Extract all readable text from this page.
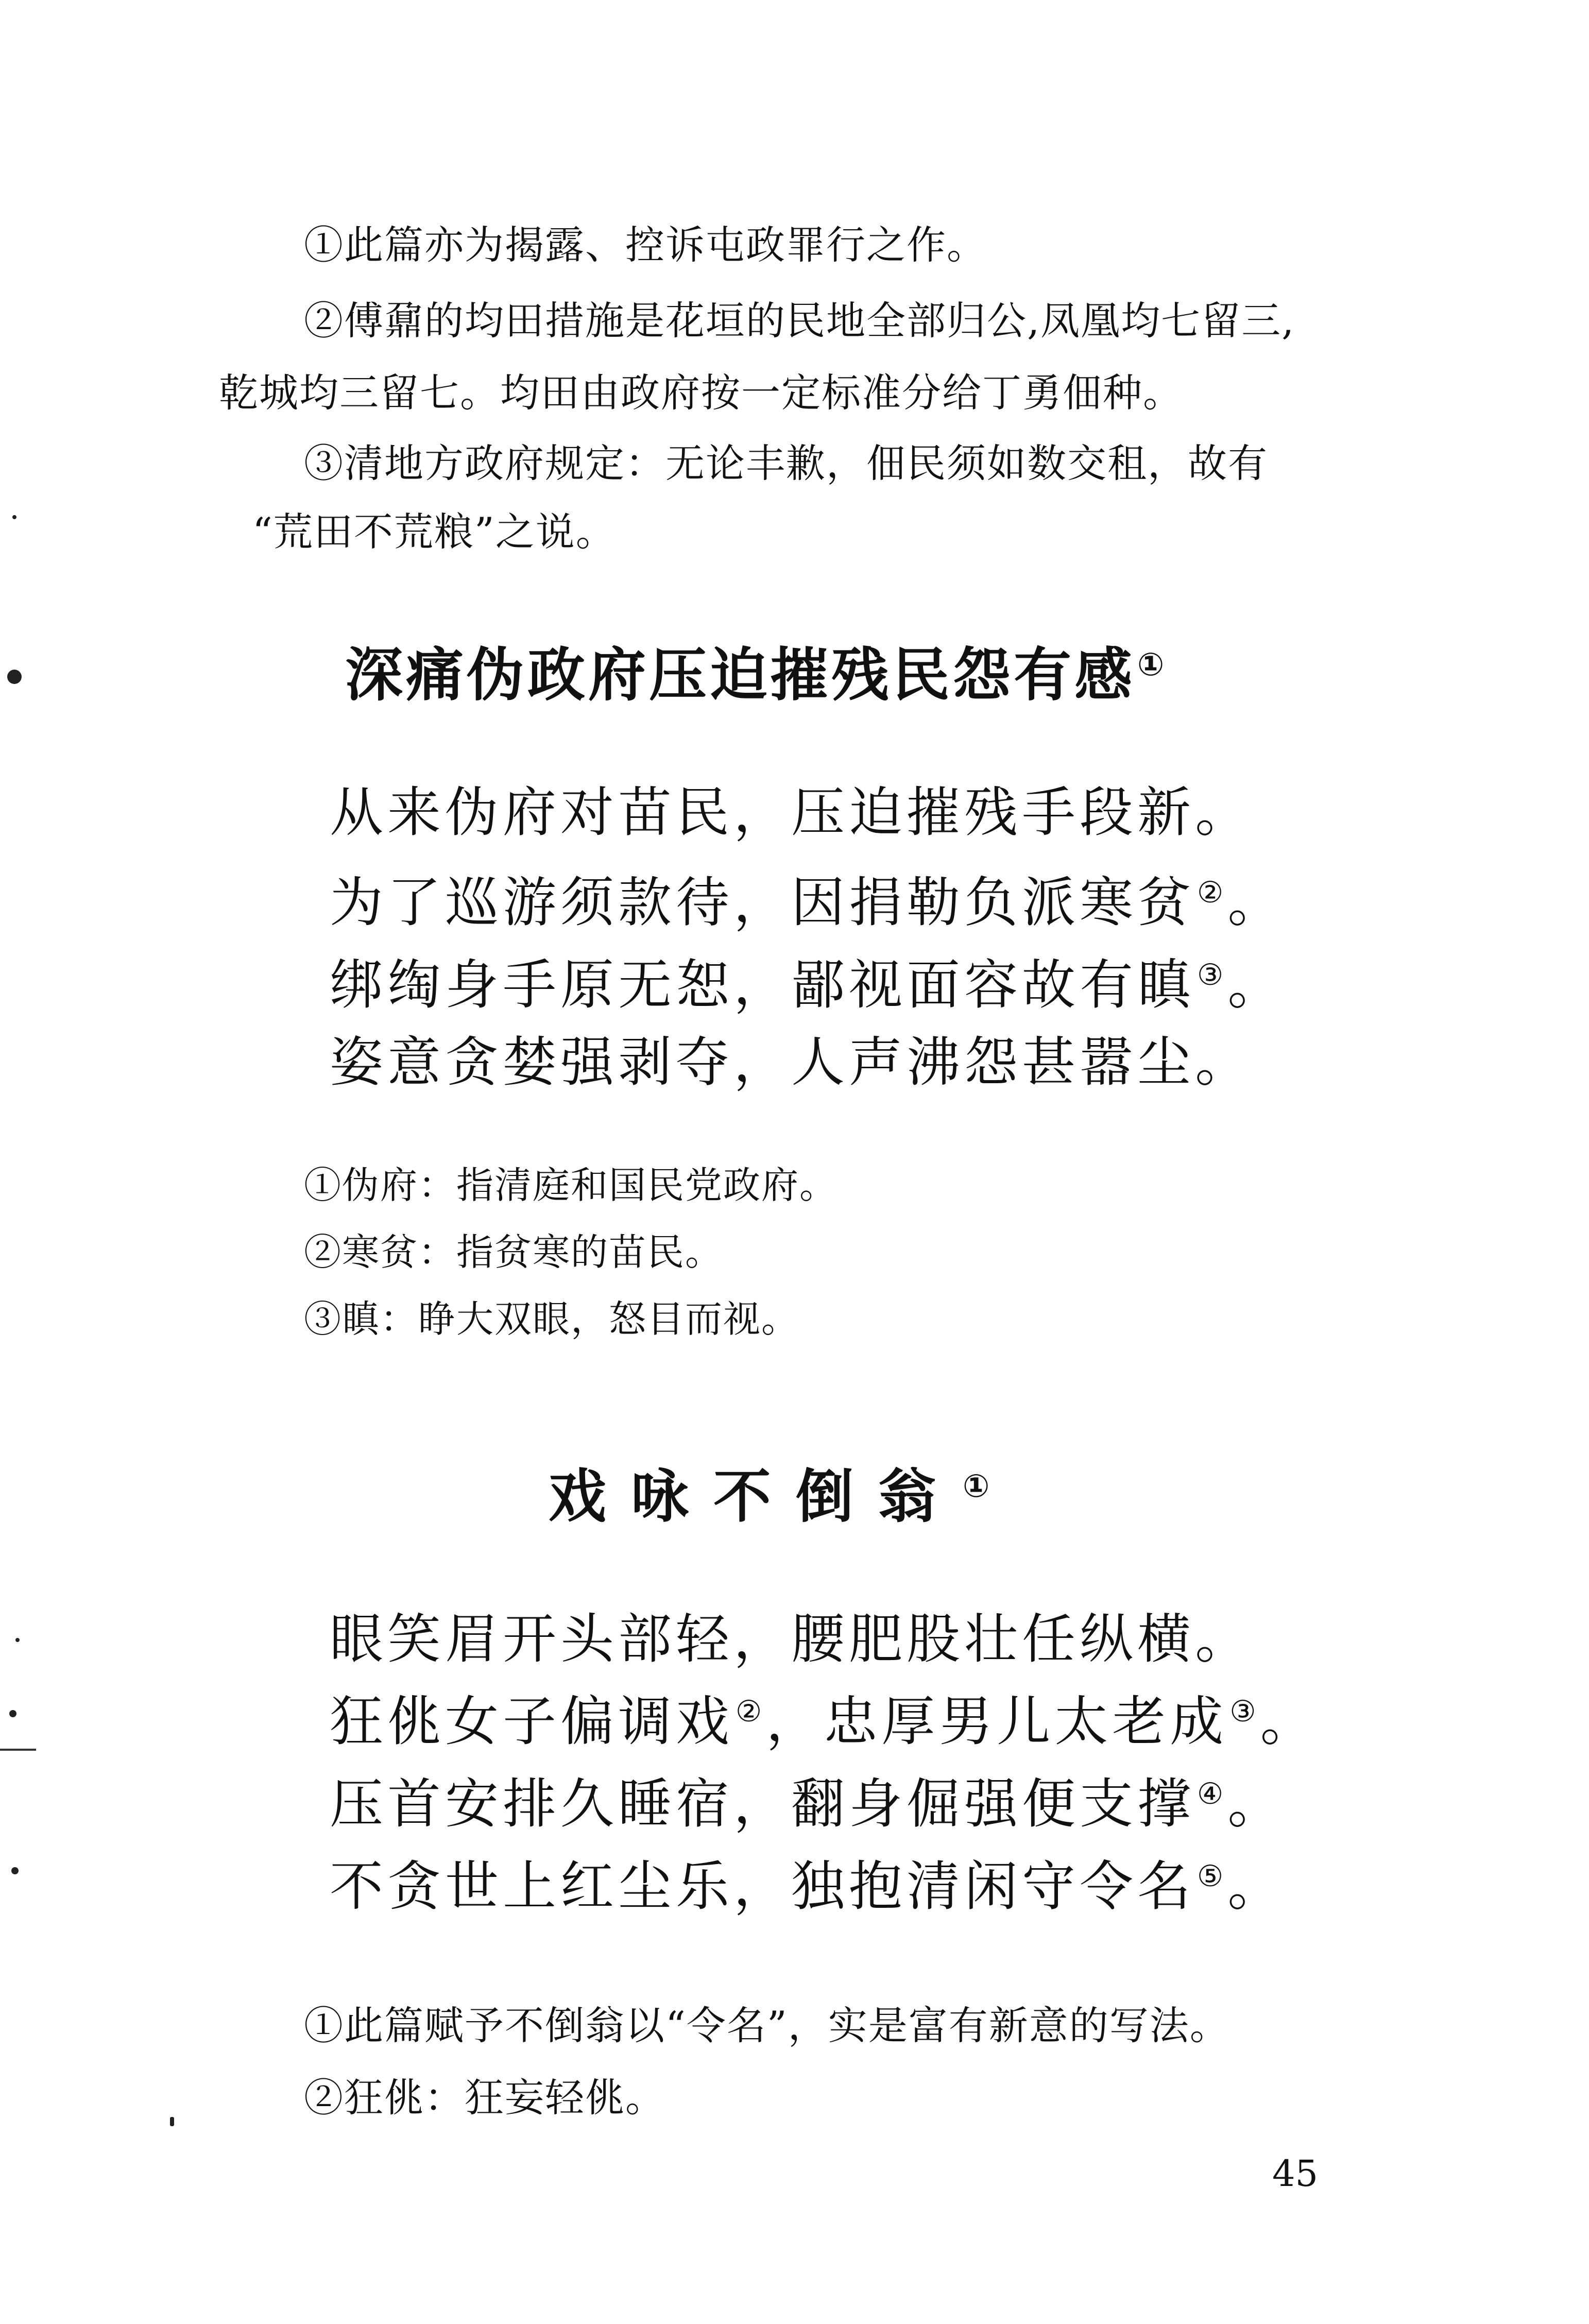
①此篇亦为揭露、控诉屯政罪行之作。
②傅鼐的均田措施是花垣的民地全部归公,凤凰均七留三,
乾城均三留七。均田由政府按一定标准分给丁勇佃种。
③清地方政府规定：无论丰歉，佃民须如数交租，故有
“荒田不荒粮”之说。
深痛伪政府压迫摧残民怨有感①
从来伪府对苗民，压迫摧残手段新。
为了巡游须款待，因捐勒负派寒贫②。
绑绹身手原无恕，鄙视面容故有瞋③。
姿意贪婪强剥夺，人声沸怨甚嚣尘。
①伪府：指清庭和国民党政府。
②寒贫：指贫寒的苗民。
③瞋：睁大双眼，怒目而视。
戏咏不倒翁①
眼笑眉开头部轻，腰肥股壮任纵横。
狂佻女子偏调戏②，忠厚男儿太老成③。
压首安排久睡宿，翻身倔强便支撑④。
不贪世上红尘乐，独抱清闲守令名⑤。
①此篇赋予不倒翁以“令名”，实是富有新意的写法。
②狂佻：狂妄轻佻。
45
